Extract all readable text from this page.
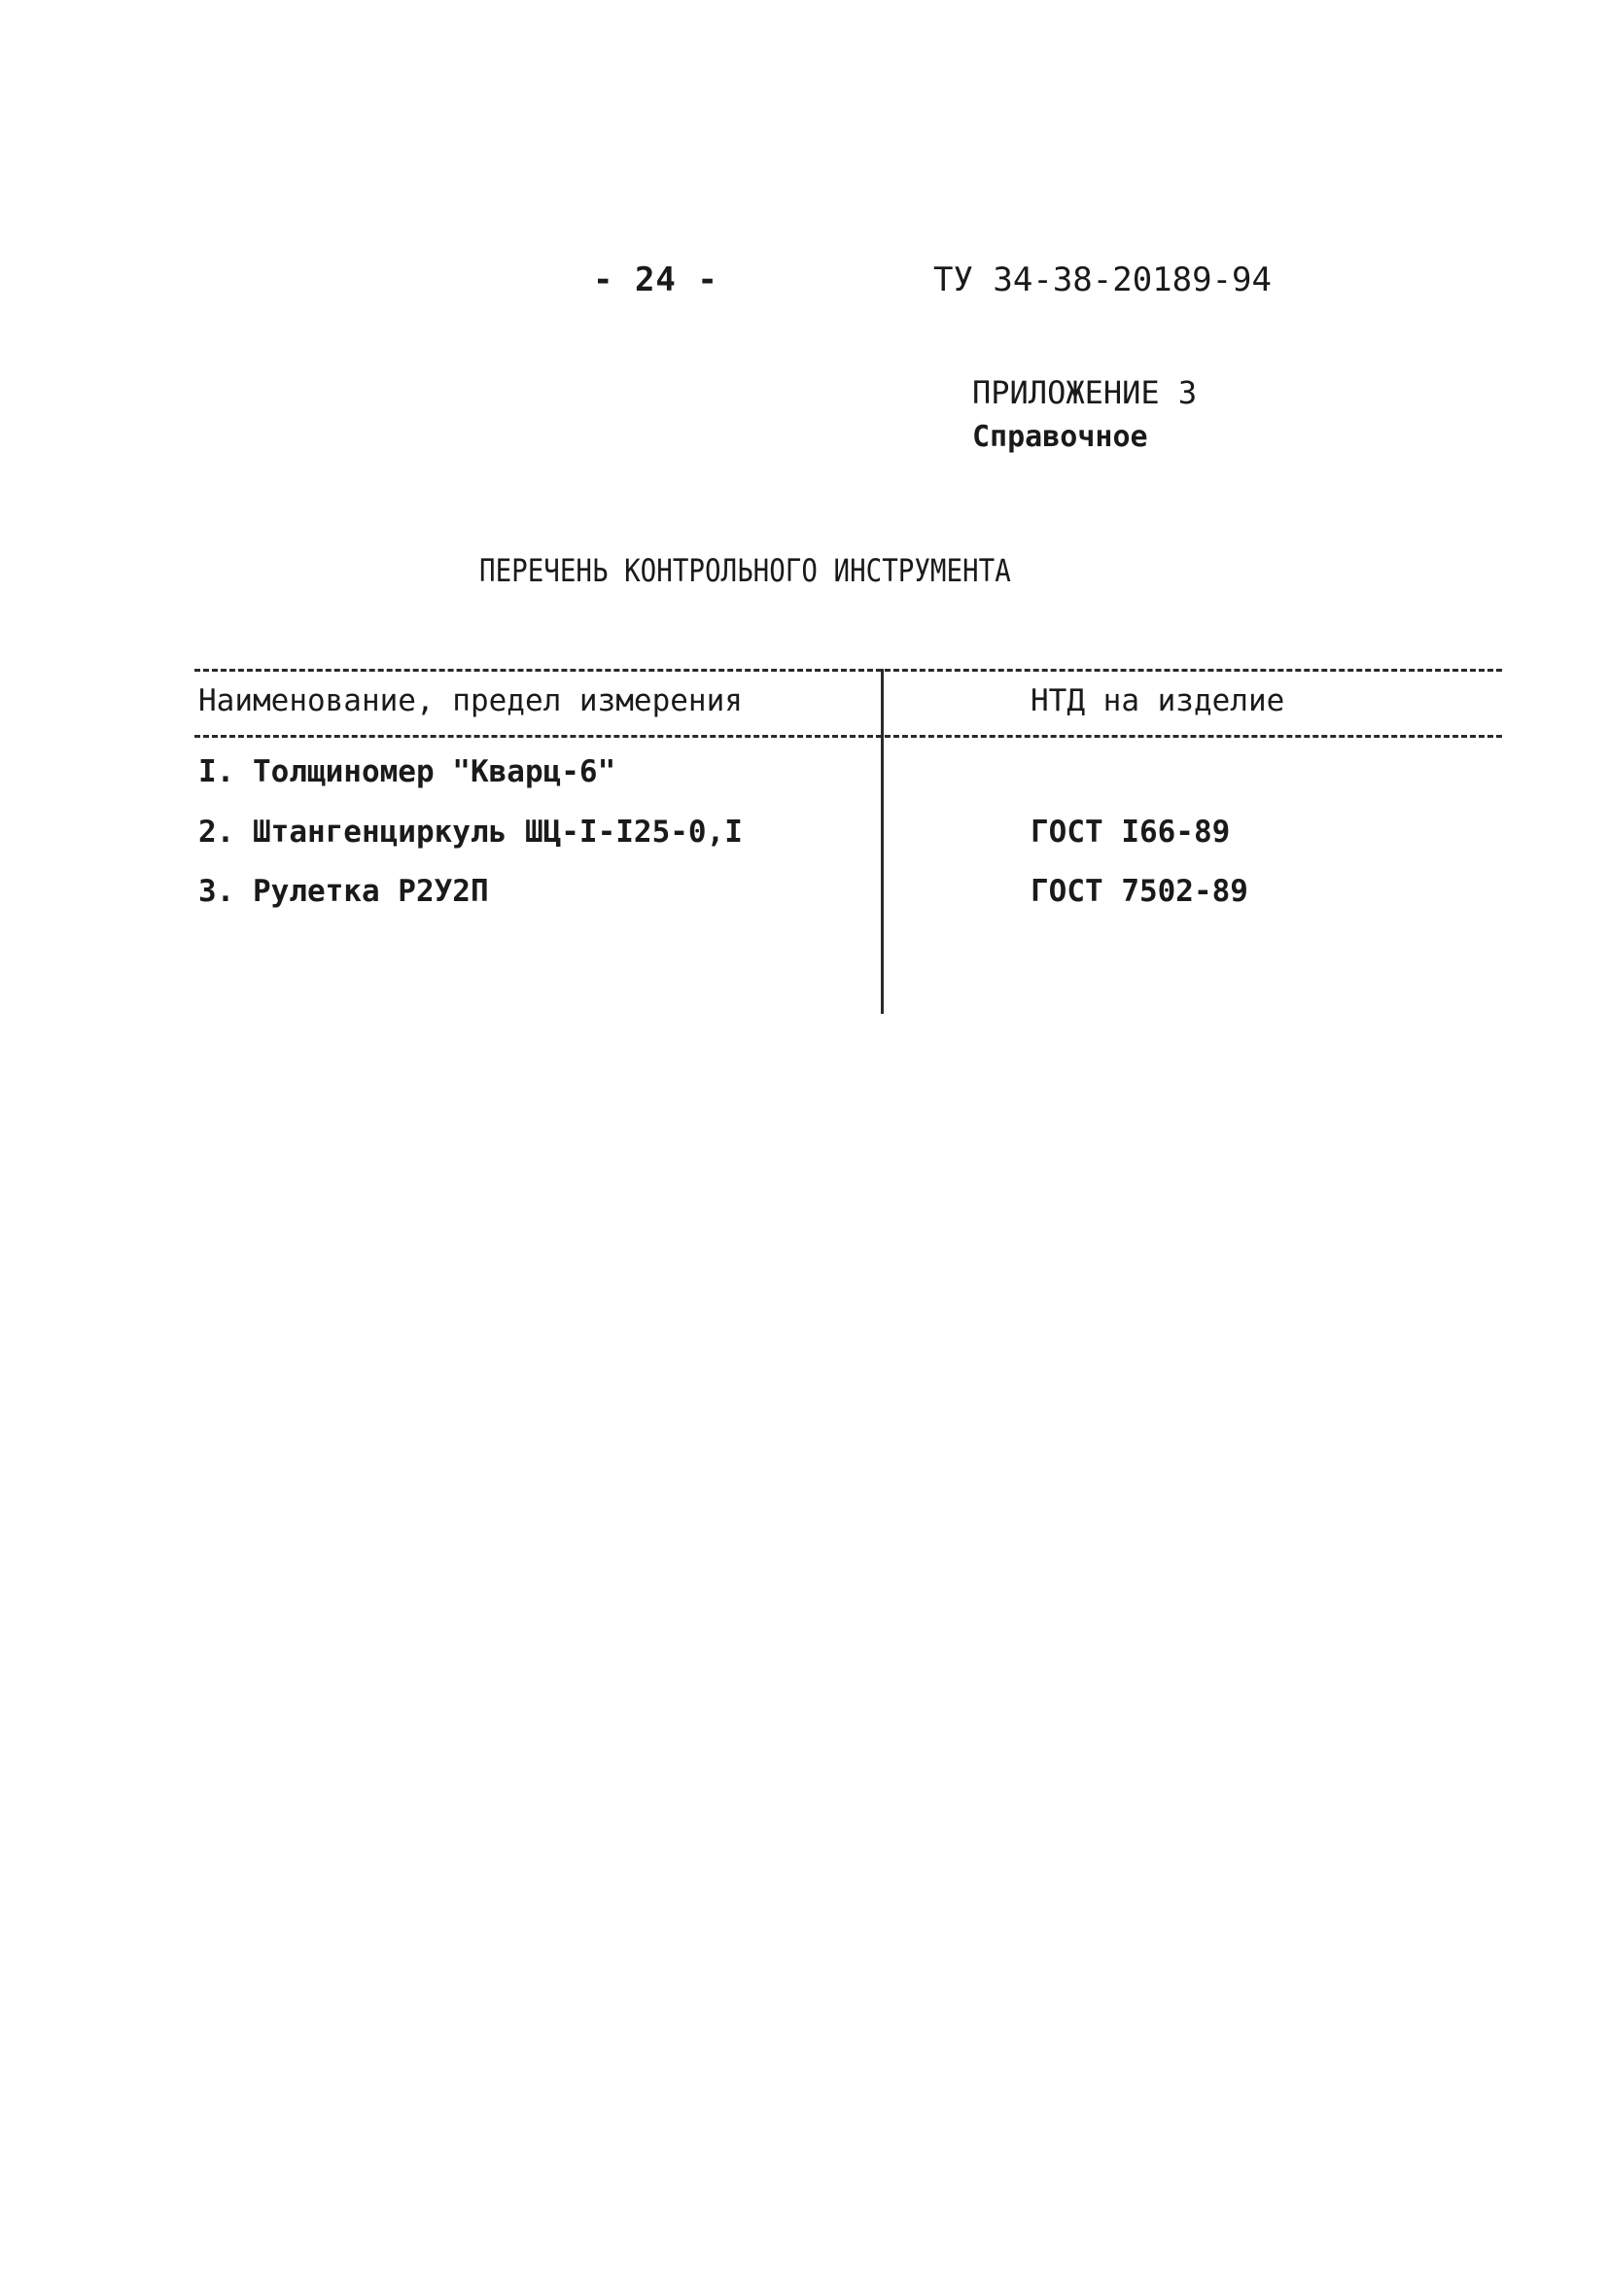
- 24 -	ТУ 34-38-20189-94
ПРИЛОЖЕНИЕ 3
Справочное
ПЕРЕЧЕНЬ КОНТРОЛЬНОГО ИНСТРУМЕНТА
Наименование, предел измерения	НТД на изделие
I. Толщиномер "Кварц-6"
2. Штангенциркуль ШЦ-I-I25-0,I	ГОСТ I66-89
3. Рулетка Р2У2П	ГОСТ 7502-89
